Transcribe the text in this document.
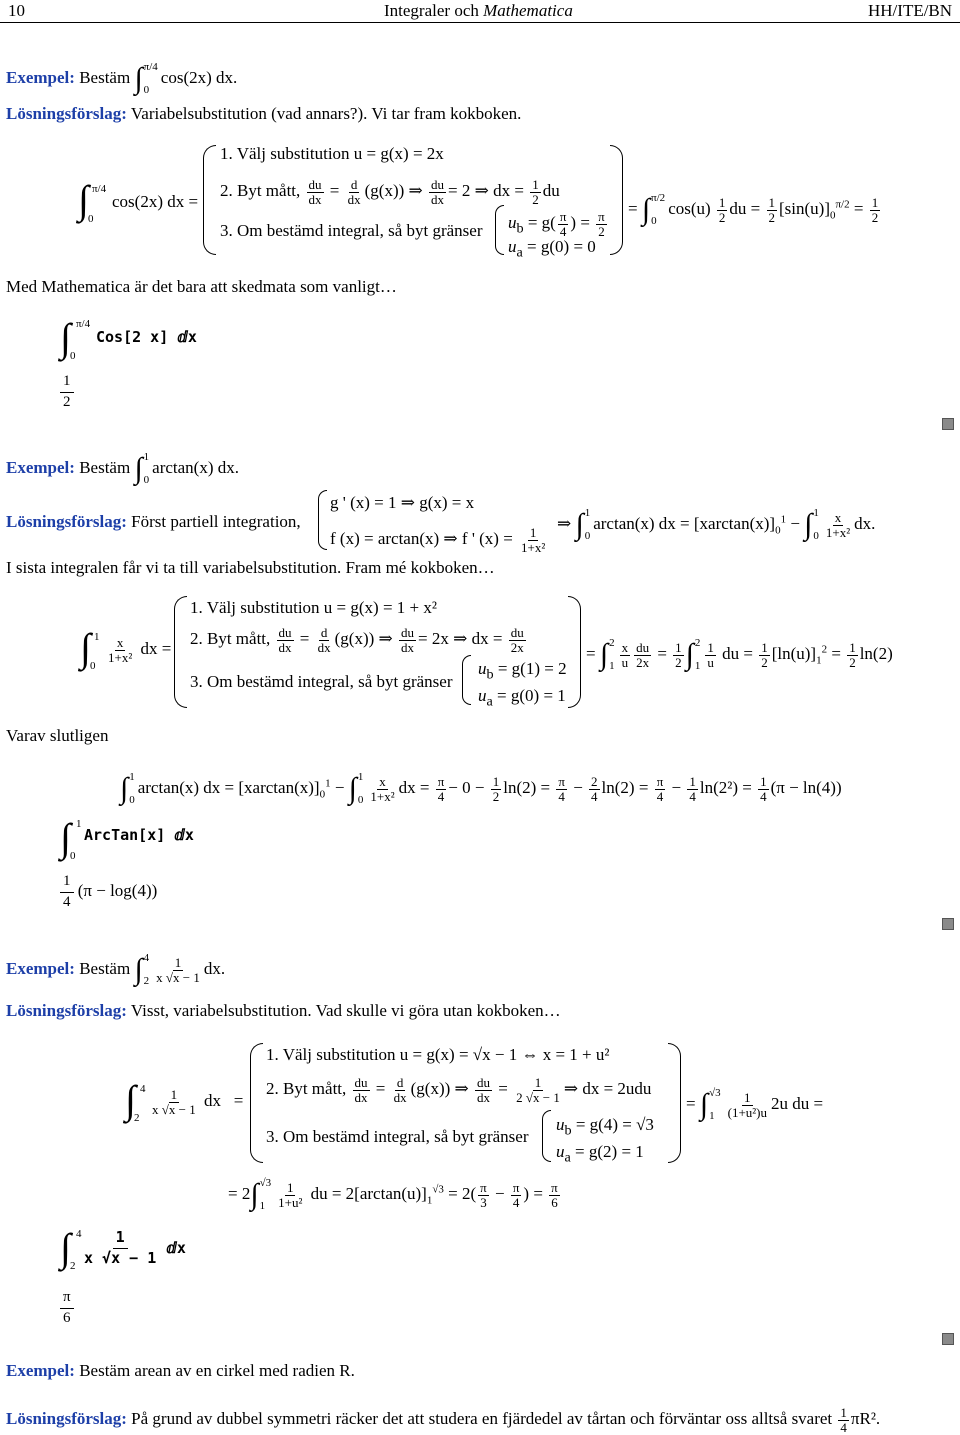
10	Integraler och Mathematica	HH/ITE/BN
Exempel: Bestäm ∫ π/4
0
cos(2x) dx.
Lösningsförslag: Variabelsubstitution (vad annars?). Vi tar fram kokboken.
∫ π/4
0
cos(2x) dx =
1. Välj substitution u = g(x) = 2x
2. Byt mått, $\frac{du}{dx} = \frac{d}{dx} (g(x))$ ⇒ $\frac{du}{dx} = 2$ ⇒ dx = $\frac{1}{2}$ du
3. Om bestämd integral, så byt gränser $u_b = g( \frac{\pi}{4}$ ) = $\frac{\pi}{2}$
$u_a = g(0) = 0$
= ∫ π/2
0
$\cos(u) \frac{1}{2}$ du = $\frac{1}{2} [\sin(u)]_0^{\pi/2} = \frac{1}{2}$
Med Mathematica är det bara att skedmata som vanligt…
∫ π/4
0
Cos[2 x] ⅆx
$\frac{1}{2}$
Exempel: Bestäm ∫ 1
0
arctan(x) dx.
Lösningsförslag: Först partiell integration,
g ' (x) = 1 ⇒ g(x) = x
f (x) = arctan(x) ⇒ f ' $(x) = \frac{1}{\text{1+x²}}$
⇒ ∫ 1
0
arctan(x) dx = $[xarctan(x)]_0^1$ − ∫ 1
$0 \frac{x}{\text{1+x²}}$ dx.
I sista integralen får vi ta till variabelsubstitution. Fram mé kokboken…
∫ 1
0
$\frac{x}{\text{1+x²}}$ dx =
1. Välj substitution u = g(x) = 1 + x²
2. Byt mått, $\frac{du}{dx} = \frac{d}{dx} (g(x))$ ⇒ $\frac{du}{dx} = 2x$ ⇒ dx = $\frac{du}{2x}$
3. Om bestämd integral, så byt gränser
$u_b = g(1) = 2$
$u_a = g(0) = 1$
= ∫ 2
$1 \frac{x}{u} \frac{du}{2x} = \frac{1}{2}$ ∫ 2
$1 \frac{1}{u}$ du = $\frac{1}{2} [\ln(u)]_1^2 = \frac{1}{2} \ln(2)$
Varav slutligen
∫ 1
0
arctan(x) dx = $[xarctan(x)]_0^1$ − ∫ 1
$0 \frac{x}{\text{1+x²}}$ dx = $\frac{\pi}{4} - 0 - \frac{1}{2} \ln(2) = \frac{\pi}{4} - \frac{2}{4} \ln(2) = \frac{\pi}{4} - \frac{1}{4} \ln(2^2) = \frac{1}{4} (\pi - \ln(4))$
∫ 1
0
ArcTan[x] ⅆx
$\frac{1}{4} (\pi - \log(4))$
Exempel: Bestäm ∫ 4
$2 \frac{1}{x √x - 1}$ dx.
Lösningsförslag: Visst, variabelsubstitution. Vad skulle vi göra utan kokboken…
∫ 4
2
$\frac{1}{x √x - 1}$ dx   =
1. Välj substitution u = g(x) = √x − 1 ⇔ x = 1 + u²
2. Byt mått, $\frac{du}{dx} = \frac{d}{dx} (g(x))$ ⇒ $\frac{du}{dx} = \frac{1}{2 √x - 1}$ ⇒ dx = 2udu
3. Om bestämd integral, så byt gränser
$u_b = g(4) = √3$
$u_a = g(2) = 1$
= ∫ √3
$1 \frac{1}{\text{(1+u²)u}} 2u$ du =
= 2∫ √3
$1 \frac{1}{\text{1+u²}}$ du = $2[\arctan(u)]_1^{√3} = 2( \frac{\pi}{3} - \frac{\pi}{4}$ ) = $\frac{\pi}{6}$
∫ 4
2
1
x √x − 1
ⅆx
$\frac{\pi}{6}$
Exempel: Bestäm arean av en cirkel med radien R.
Lösningsförslag: På grund av dubbel symmetri räcker det att studera en fjärdedel av tårtan och förväntar oss alltså svaret $\frac{1}{4} \pi R^2$.
